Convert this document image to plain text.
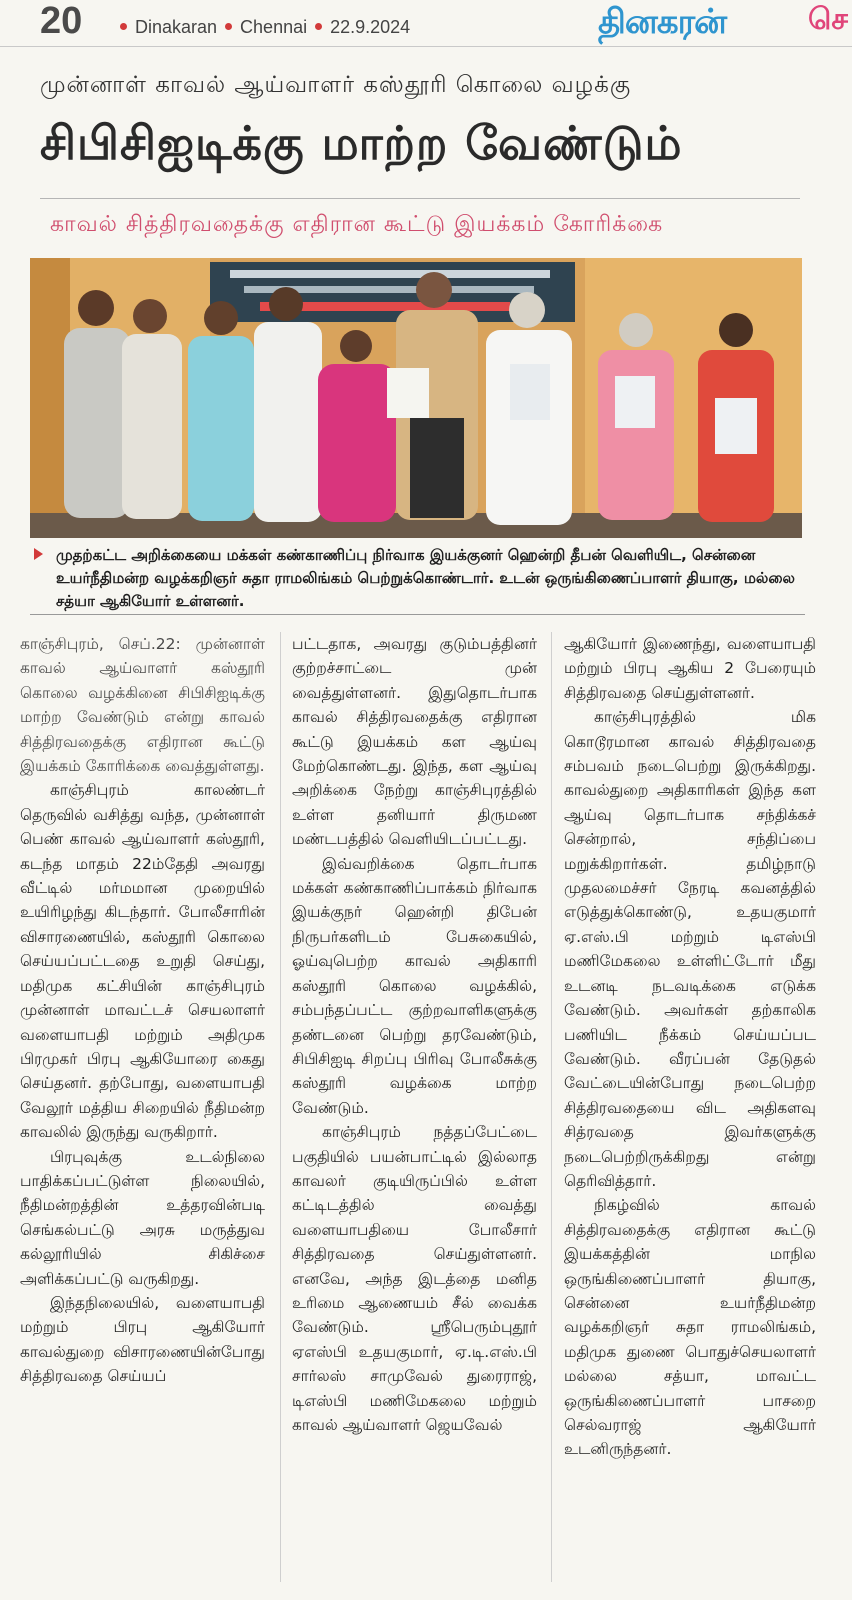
20	Dinakaran Chennai 22.9.2024	தினகரன்	செ
முன்னாள் காவல் ஆய்வாளர் கஸ்தூரி கொலை வழக்கு
சிபிசிஐடிக்கு மாற்ற வேண்டும்
காவல் சித்திரவதைக்கு எதிரான கூட்டு இயக்கம் கோரிக்கை
முதற்கட்ட அறிக்கையை மக்கள் கண்காணிப்பு நிர்வாக இயக்குனர் ஹென்றி தீபன் வெளியிட, சென்னை உயர்நீதிமன்ற வழக்கறிஞர் சுதா ராமலிங்கம் பெற்றுக்கொண்டார். உடன் ஒருங்கிணைப்பாளர் தியாகு, மல்லை சத்யா ஆகியோர் உள்ளனர்.

காஞ்சிபுரம், செப்.22: முன்னாள் காவல் ஆய்வாளர் கஸ்தூரி கொலை வழக்கினை சிபிசிஐடிக்கு மாற்ற வேண்டும் என்று காவல் சித்திரவதைக்கு எதிரான கூட்டு இயக்கம் கோரிக்கை வைத்துள்ளது.

காஞ்சிபுரம் காலண்டர் தெருவில் வசித்து வந்த, முன்னாள் பெண் காவல் ஆய்வாளர் கஸ்தூரி, கடந்த மாதம் 22ம்தேதி அவரது வீட்டில் மர்மமான முறையில் உயிரிழந்து கிடந்தார். போலீசாரின் விசாரணையில், கஸ்தூரி கொலை செய்யப்பட்டதை உறுதி செய்து, மதிமுக கட்சியின் காஞ்சிபுரம் முன்னாள் மாவட்டச் செயலாளர் வளையாபதி மற்றும் அதிமுக பிரமுகர் பிரபு ஆகியோரை கைது செய்தனர். தற்போது, வளையாபதி வேலூர் மத்திய சிறையில் நீதிமன்ற காவலில் இருந்து வருகிறார்.

பிரபுவுக்கு உடல்நிலை பாதிக்கப்பட்டுள்ள நிலையில், நீதிமன்றத்தின் உத்தரவின்படி செங்கல்பட்டு அரசு மருத்துவ கல்லூரியில் சிகிச்சை அளிக்கப்பட்டு வருகிறது.

இந்தநிலையில், வளையாபதி மற்றும் பிரபு ஆகியோர் காவல்துறை விசாரணையின்போது சித்திரவதை செய்யப்

பட்டதாக, அவரது குடும்பத்தினர் குற்றச்சாட்டை முன் வைத்துள்ளனர். இதுதொடர்பாக காவல் சித்திரவதைக்கு எதிரான கூட்டு இயக்கம் கள ஆய்வு மேற்கொண்டது. இந்த, கள ஆய்வு அறிக்கை நேற்று காஞ்சிபுரத்தில் உள்ள தனியார் திருமண மண்டபத்தில் வெளியிடப்பட்டது.

இவ்வறிக்கை தொடர்பாக மக்கள் கண்காணிப்பாக்கம் நிர்வாக இயக்குநர் ஹென்றி திபேன் நிருபர்களிடம் பேசுகையில், ஓய்வுபெற்ற காவல் அதிகாரி கஸ்தூரி கொலை வழக்கில், சம்பந்தப்பட்ட குற்றவாளிகளுக்கு தண்டனை பெற்று தரவேண்டும், சிபிசிஐடி சிறப்பு பிரிவு போலீசுக்கு கஸ்தூரி வழக்கை மாற்ற வேண்டும்.

காஞ்சிபுரம் நத்தப்பேட்டை பகுதியில் பயன்பாட்டில் இல்லாத காவலர் குடியிருப்பில் உள்ள கட்டிடத்தில் வைத்து வளையாபதியை போலீசார் சித்திரவதை செய்துள்ளனர். எனவே, அந்த இடத்தை மனித உரிமை ஆணையம் சீல் வைக்க வேண்டும். ஸ்ரீபெரும்புதூர் ஏஎஸ்பி உதயகுமார், ஏ.டி.எஸ்.பி சார்லஸ் சாமுவேல் துரைராஜ், டிஎஸ்பி மணிமேகலை மற்றும் காவல் ஆய்வாளர் ஜெயவேல்

ஆகியோர் இணைந்து, வளையாபதி மற்றும் பிரபு ஆகிய 2 பேரையும் சித்திரவதை செய்துள்ளனர்.

காஞ்சிபுரத்தில் மிக கொடூரமான காவல் சித்திரவதை சம்பவம் நடைபெற்று இருக்கிறது. காவல்துறை அதிகாரிகள் இந்த கள ஆய்வு தொடர்பாக சந்திக்கச் சென்றால், சந்திப்பை மறுக்கிறார்கள். தமிழ்நாடு முதலமைச்சர் நேரடி கவனத்தில் எடுத்துக்கொண்டு, உதயகுமார் ஏ.எஸ்.பி மற்றும் டிஎஸ்பி மணிமேகலை உள்ளிட்டோர் மீது உடனடி நடவடிக்கை எடுக்க வேண்டும். அவர்கள் தற்காலிக பணியிட நீக்கம் செய்யப்பட வேண்டும். வீரப்பன் தேடுதல் வேட்டையின்போது நடைபெற்ற சித்திரவதையை விட அதிகளவு சித்ரவதை இவர்களுக்கு நடைபெற்றிருக்கிறது என்று தெரிவித்தார்.

நிகழ்வில் காவல் சித்திரவதைக்கு எதிரான கூட்டு இயக்கத்தின் மாநில ஒருங்கிணைப்பாளர் தியாகு, சென்னை உயர்நீதிமன்ற வழக்கறிஞர் சுதா ராமலிங்கம், மதிமுக துணை பொதுச்செயலாளர் மல்லை சத்யா, மாவட்ட ஒருங்கிணைப்பாளர் பாசறை செல்வராஜ் ஆகியோர் உடனிருந்தனர்.
